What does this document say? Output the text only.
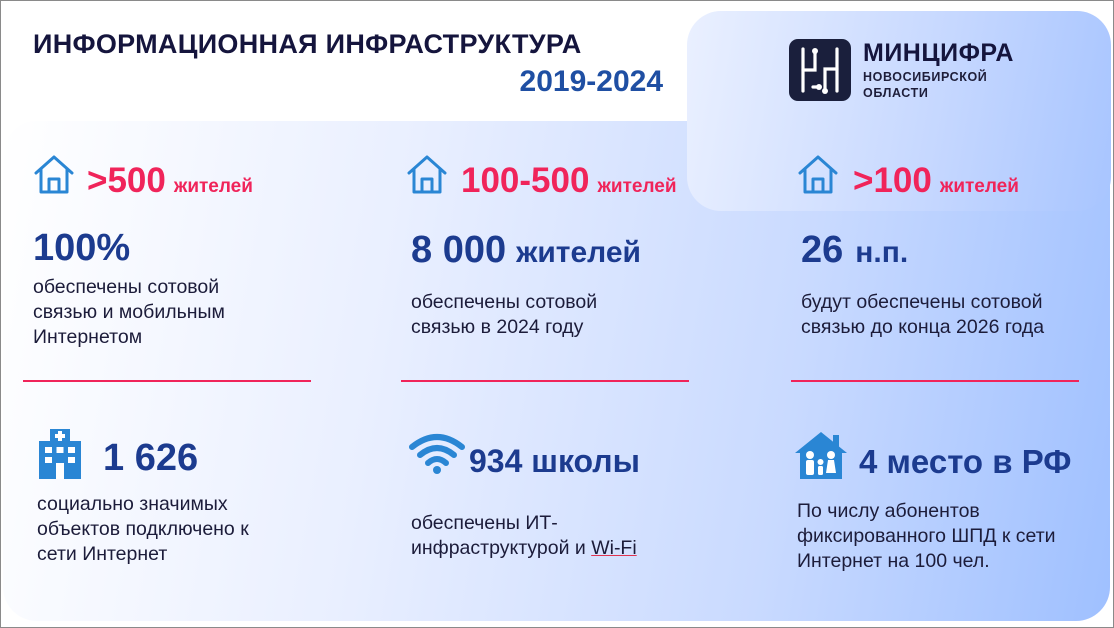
ИНФОРМАЦИОННАЯ ИНФРАСТРУКТУРА
2019-2024
МИНЦИФРА
НОВОСИБИРСКОЙ
ОБЛАСТИ
>500 жителей
100%
обеспечены сотовой
связью и мобильным
Интернетом
100-500 жителей
8 000 жителей
обеспечены сотовой
связью в 2024 году
>100 жителей
26 н.п.
будут обеспечены сотовой
связью до конца 2026 года
1 626
социально значимых
объектов подключено к
сети Интернет
934 школы
обеспечены ИТ-
инфраструктурой и Wi-Fi
4 место в РФ
По числу абонентов
фиксированного ШПД к сети
Интернет на 100 чел.
